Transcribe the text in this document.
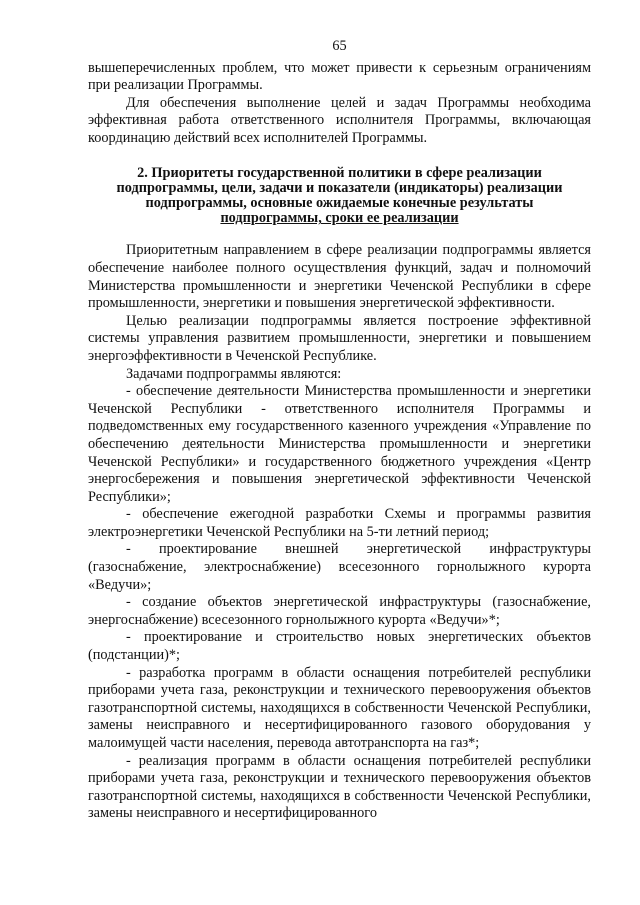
65

вышеперечисленных проблем, что может привести к серьезным ограничениям при реализации Программы.

Для обеспечения выполнение целей и задач Программы необходима эффективная работа ответственного исполнителя Программы, включающая координацию действий всех исполнителей Программы.

2. Приоритеты государственной политики в сфере реализации
подпрограммы, цели, задачи и показатели (индикаторы) реализации
подпрограммы, основные ожидаемые конечные результаты
подпрограммы, сроки ее реализации

Приоритетным направлением в сфере реализации подпрограммы является обеспечение наиболее полного осуществления функций, задач и полномочий Министерства промышленности и энергетики Чеченской Республики в сфере промышленности, энергетики и повышения энергетической эффективности.

Целью реализации подпрограммы является построение эффективной системы управления развитием промышленности, энергетики и повышением энергоэффективности в Чеченской Республике.

Задачами подпрограммы являются:

- обеспечение деятельности Министерства промышленности и энергетики Чеченской Республики - ответственного исполнителя Программы и подведомственных ему государственного казенного учреждения «Управление по обеспечению деятельности Министерства промышленности и энергетики Чеченской Республики» и государственного бюджетного учреждения «Центр энергосбережения и повышения энергетической эффективности Чеченской Республики»;

- обеспечение ежегодной разработки Схемы и программы развития электроэнергетики Чеченской Республики на 5-ти летний период;

- проектирование внешней энергетической инфраструктуры (газоснабжение, электроснабжение) всесезонного горнолыжного курорта «Ведучи»;

- создание объектов энергетической инфраструктуры (газоснабжение, энергоснабжение) всесезонного горнолыжного курорта «Ведучи»*;

- проектирование и строительство новых энергетических объектов (подстанции)*;

- разработка программ в области оснащения потребителей республики приборами учета газа, реконструкции и технического перевооружения объектов газотранспортной системы, находящихся в собственности Чеченской Республики, замены неисправного и несертифицированного газового оборудования у малоимущей части населения, перевода автотранспорта на газ*;

- реализация программ в области оснащения потребителей республики приборами учета газа, реконструкции и технического перевооружения объектов газотранспортной системы, находящихся в собственности Чеченской Республики, замены неисправного и несертифицированного
